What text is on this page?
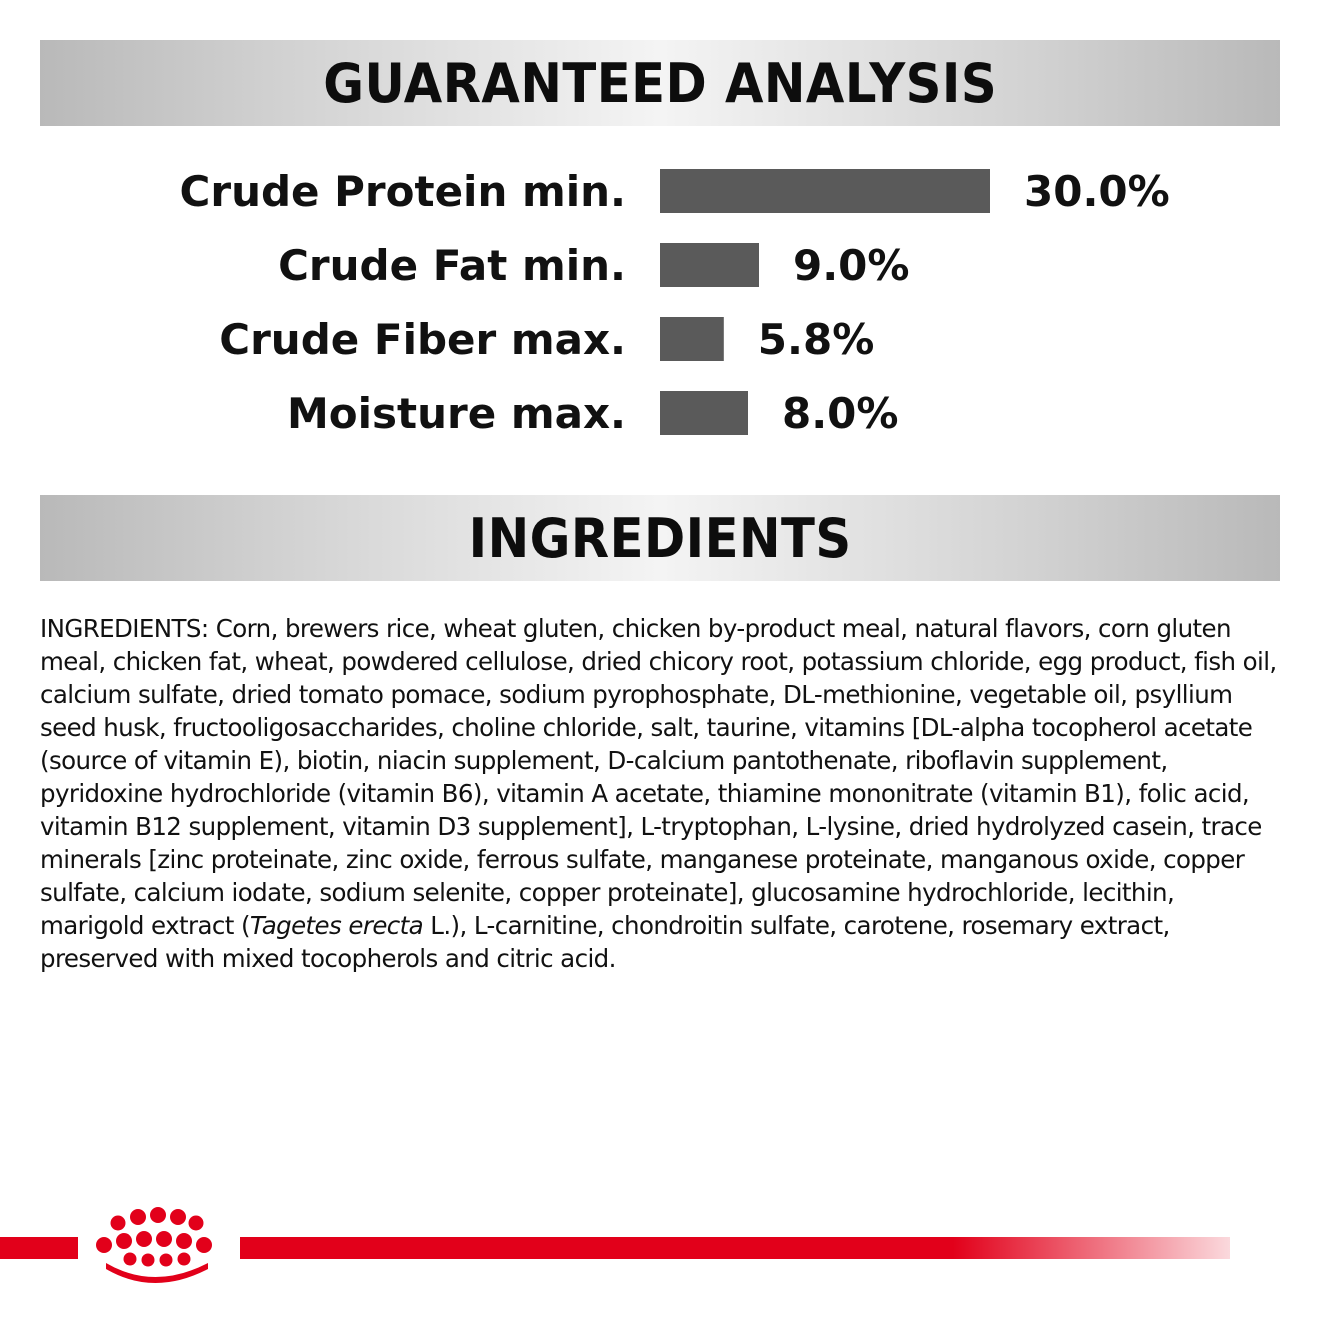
GUARANTEED ANALYSIS
Crude Protein min.	30.0%
Crude Fat min.	9.0%
Crude Fiber max.	5.8%
Moisture max.	8.0%
INGREDIENTS

INGREDIENTS: Corn, brewers rice, wheat gluten, chicken by-product meal, natural flavors, corn gluten meal, chicken fat, wheat, powdered cellulose, dried chicory root, potassium chloride, egg product, fish oil, calcium sulfate, dried tomato pomace, sodium pyrophosphate, DL-methionine, vegetable oil, psyllium seed husk, fructooligosaccharides, choline chloride, salt, taurine, vitamins [DL-alpha tocopherol acetate (source of vitamin E), biotin, niacin supplement, D-calcium pantothenate, riboflavin supplement, pyridoxine hydrochloride (vitamin B6), vitamin A acetate, thiamine mononitrate (vitamin B1), folic acid, vitamin B12 supplement, vitamin D3 supplement], L-tryptophan, L-lysine, dried hydrolyzed casein, trace minerals [zinc proteinate, zinc oxide, ferrous sulfate, manganese proteinate, manganous oxide, copper sulfate, calcium iodate, sodium selenite, copper proteinate], glucosamine hydrochloride, lecithin, marigold extract (Tagetes erecta L.), L-carnitine, chondroitin sulfate, carotene, rosemary extract, preserved with mixed tocopherols and citric acid.
